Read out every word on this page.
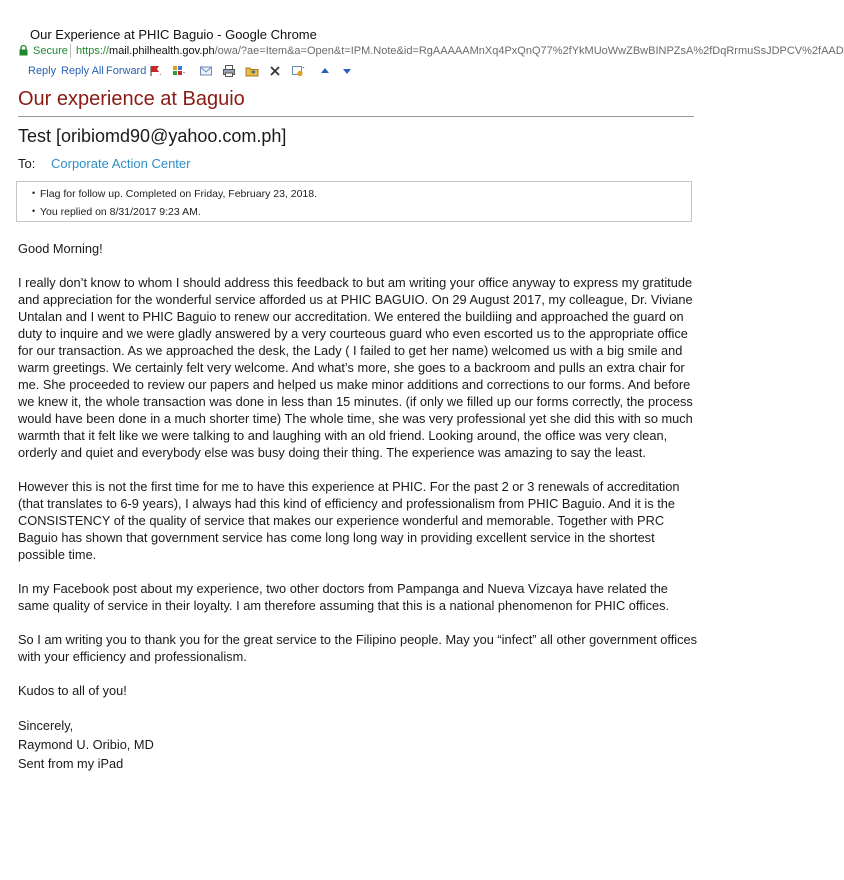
Our Experience at PHIC Baguio - Google Chrome
Secure https://mail.philhealth.gov.ph/owa/?ae=Item&a=Open&t=IPM.Note&id=RgAAAAAMnXq4PxQnQ77%2fYkMUoWwZBwBINPZsA%2fDqRrmuSsJDPCV%2fAAD
Reply Reply All Forward
Our experience at Baguio
Test [oribiomd90@yahoo.com.ph]
To: Corporate Action Center
• Flag for follow up. Completed on Friday, February 23, 2018.
• You replied on 8/31/2017 9:23 AM.

Good Morning!

I really don’t know to whom I should address this feedback to but am writing your office anyway to express my gratitude and appreciation for the wonderful service afforded us at PHIC BAGUIO. On 29 August 2017, my colleague, Dr. Viviane Untalan and I went to PHIC Baguio to renew our accreditation. We entered the buildiing and approached the guard on duty to inquire and we were gladly answered by a very courteous guard who even escorted us to the appropriate office for our transaction. As we approached the desk, the Lady ( I failed to get her name) welcomed us with a big smile and warm greetings. We certainly felt very welcome. And what’s more, she goes to a backroom and pulls an extra chair for me. She proceeded to review our papers and helped us make minor additions and corrections to our forms. And before we knew it, the whole transaction was done in less than 15 minutes. (if only we filled up our forms correctly, the process would have been done in a much shorter time) The whole time, she was very professional yet she did this with so much warmth that it felt like we were talking to and laughing with an old friend. Looking around, the office was very clean, orderly and quiet and everybody else was busy doing their thing. The experience was amazing to say the least.

However this is not the first time for me to have this experience at PHIC. For the past 2 or 3 renewals of accreditation (that translates to 6-9 years), I always had this kind of efficiency and professionalism from PHIC Baguio. And it is the CONSISTENCY of the quality of service that makes our experience wonderful and memorable. Together with PRC Baguio has shown that government service has come long long way in providing excellent service in the shortest possible time.

In my Facebook post about my experience, two other doctors from Pampanga and Nueva Vizcaya have related the same quality of service in their loyalty. I am therefore assuming that this is a national phenomenon for PHIC offices.

So I am writing you to thank you for the great service to the Filipino people. May you “infect” all other government offices with your efficiency and professionalism.

Kudos to all of you!

Sincerely,
Raymond U. Oribio, MD
Sent from my iPad
